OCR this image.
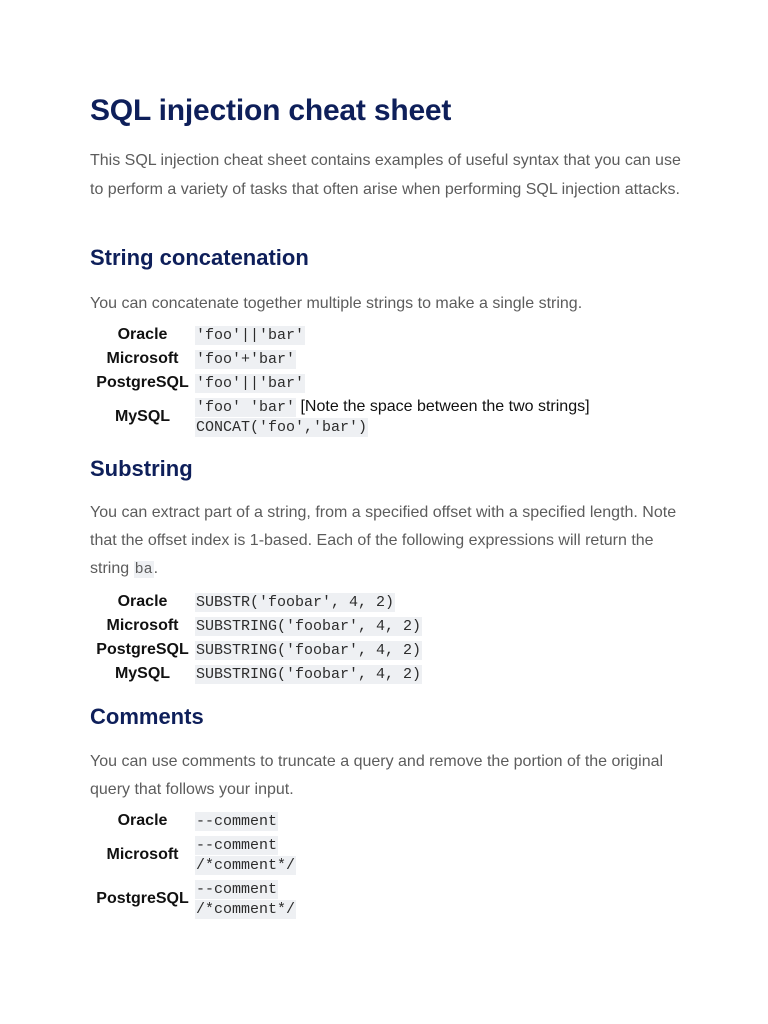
SQL injection cheat sheet

This SQL injection cheat sheet contains examples of useful syntax that you can use to perform a variety of tasks that often arise when performing SQL injection attacks.

String concatenation

You can concatenate together multiple strings to make a single string.

Oracle	'foo'||'bar'

Microsoft	'foo'+'bar'

PostgreSQL	'foo'||'bar'

MySQL	'foo' 'bar' [Note the space between the two strings]
CONCAT('foo','bar')
Substring

You can extract part of a string, from a specified offset with a specified length. Note that the offset index is 1-based. Each of the following expressions will return the string ba.

Oracle	SUBSTR('foobar', 4, 2)

Microsoft	SUBSTRING('foobar', 4, 2)

PostgreSQL	SUBSTRING('foobar', 4, 2)

MySQL	SUBSTRING('foobar', 4, 2)
Comments

You can use comments to truncate a query and remove the portion of the original query that follows your input.

Oracle	--comment

Microsoft	--comment
/*comment*/

PostgreSQL	--comment
/*comment*/
